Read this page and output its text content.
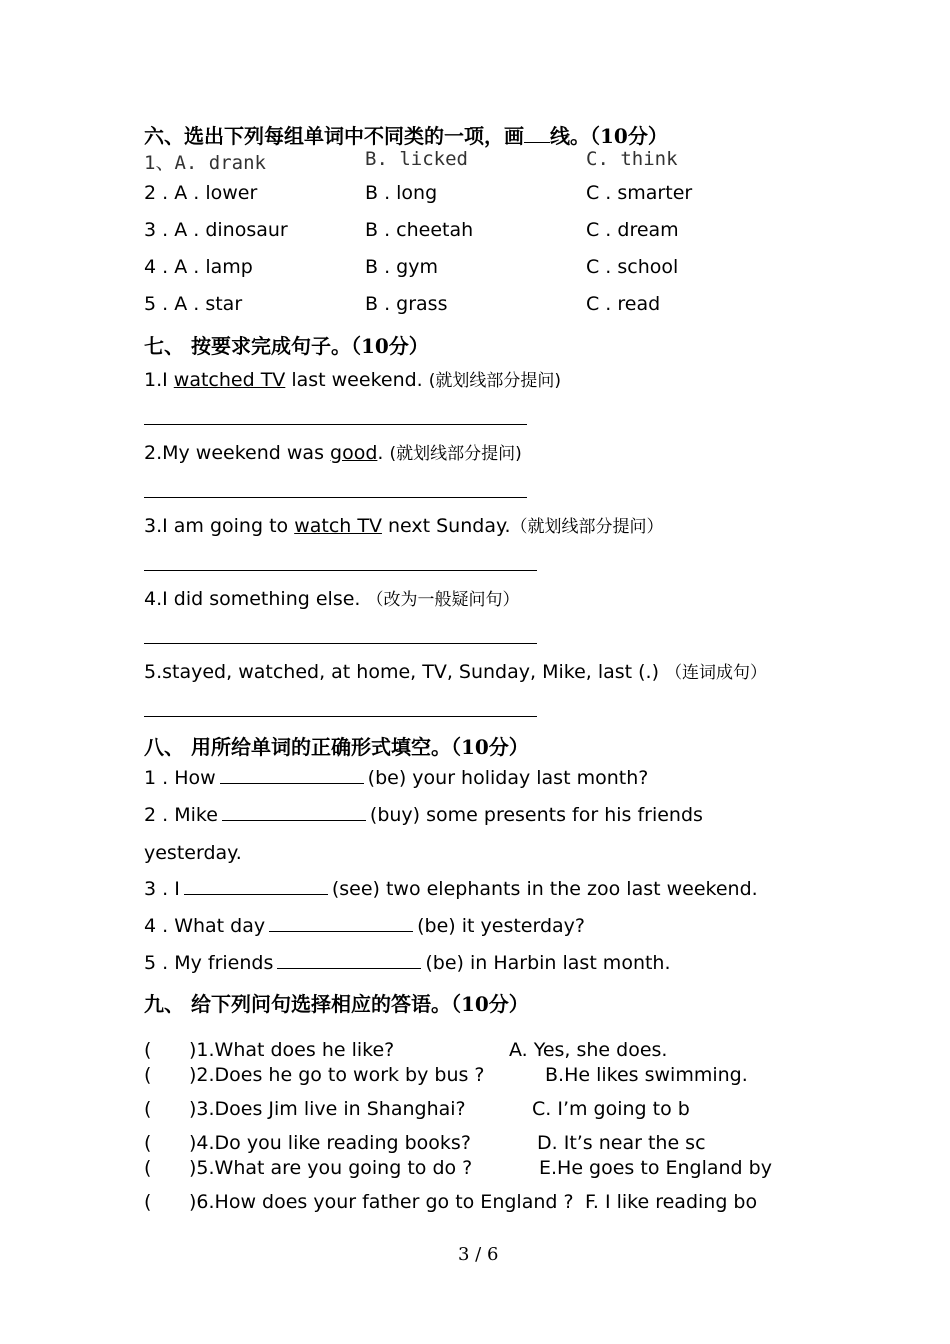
六、选出下列每组单词中不同类的一项，画 线。（10分）
1、A. drank	B. licked	C. think
2 . A . lower	B . long	C . smarter
3 . A . dinosaur	B . cheetah	C . dream
4 . A . lamp	B . gym	C . school
5 . A . star	B . grass	C . read
七、 按要求完成句子。（10分）
1.I watched TV last weekend. (就划线部分提问)
2.My weekend was good. (就划线部分提问)
3.I am going to watch TV next Sunday.（就划线部分提问）
4.I did something else. （改为一般疑问句）
5.stayed, watched, at home, TV, Sunday, Mike, last (.) （连词成句）
八、 用所给单词的正确形式填空。（10分）
1 . How	(be) your holiday last month?
2 . Mike	(buy) some presents for his friends
yesterday.
3 . I	(see) two elephants in the zoo last weekend.
4 . What day	(be) it yesterday?
5 . My friends	(be) in Harbin last month.
九、 给下列问句选择相应的答语。（10分）
( )1.What does he like?	A. Yes, she does.
( )2.Does he go to work by bus ?	B.He likes swimming.
( )3.Does Jim live in Shanghai?	C. I’m going to b
( )4.Do you like reading books?	D. It’s near the sc
( )5.What are you going to do ?	E.He goes to England by
( )6.How does your father go to England ? F. I like reading bo
3 / 6
